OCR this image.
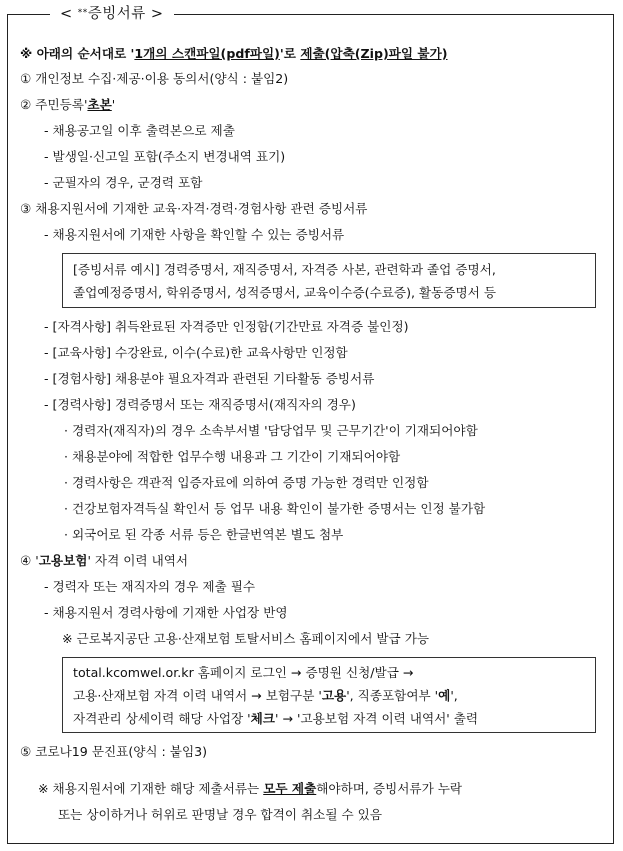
< **증빙서류 >
※ 아래의 순서대로 '1개의 스캔파일(pdf파일)'로 제출(압축(Zip)파일 불가)
① 개인정보 수집·제공·이용 동의서(양식 : 붙임2)
② 주민등록'초본'
- 채용공고일 이후 출력본으로 제출
- 발생일·신고일 포함(주소지 변경내역 표기)
- 군필자의 경우, 군경력 포함
③ 채용지원서에 기재한 교육·자격·경력·경험사항 관련 증빙서류
- 채용지원서에 기재한 사항을 확인할 수 있는 증빙서류
[증빙서류 예시] 경력증명서, 재직증명서, 자격증 사본, 관련학과 졸업 증명서,
졸업예정증명서, 학위증명서, 성적증명서, 교육이수증(수료증), 활동증명서 등
- [자격사항] 취득완료된 자격증만 인정함(기간만료 자격증 불인정)
- [교육사항] 수강완료, 이수(수료)한 교육사항만 인정함
- [경험사항] 채용분야 필요자격과 관련된 기타활동 증빙서류
- [경력사항] 경력증명서 또는 재직증명서(재직자의 경우)
· 경력자(재직자)의 경우 소속부서별 '담당업무 및 근무기간'이 기재되어야함
· 채용분야에 적합한 업무수행 내용과 그 기간이 기재되어야함
· 경력사항은 객관적 입증자료에 의하여 증명 가능한 경력만 인정함
· 건강보험자격득실 확인서 등 업무 내용 확인이 불가한 증명서는 인정 불가함
· 외국어로 된 각종 서류 등은 한글번역본 별도 첨부
④ '고용보험' 자격 이력 내역서
- 경력자 또는 재직자의 경우 제출 필수
- 채용지원서 경력사항에 기재한 사업장 반영
※ 근로복지공단 고용·산재보험 토탈서비스 홈페이지에서 발급 가능
total.kcomwel.or.kr 홈페이지 로그인 → 증명원 신청/발급 →
고용·산재보험 자격 이력 내역서 → 보험구분 '고용', 직종포함여부 '예',
자격관리 상세이력 해당 사업장 '체크' → '고용보험 자격 이력 내역서' 출력
⑤ 코로나19 문진표(양식 : 붙임3)
※ 채용지원서에 기재한 해당 제출서류는 모두 제출해야하며, 증빙서류가 누락
또는 상이하거나 허위로 판명날 경우 합격이 취소될 수 있음
